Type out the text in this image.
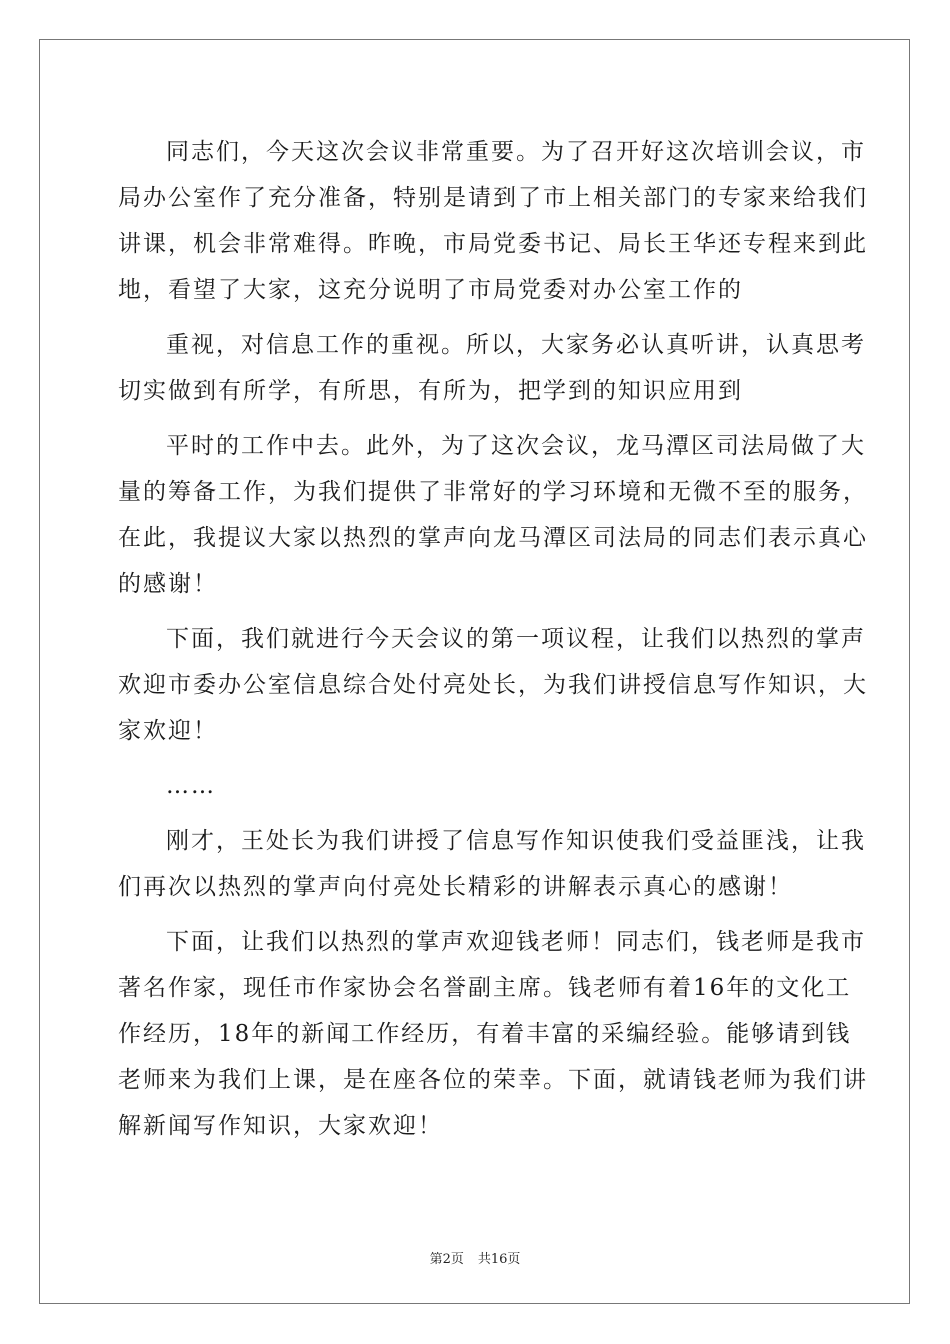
同志们，今天这次会议非常重要。为了召开好这次培训会议，市
局办公室作了充分准备，特别是请到了市上相关部门的专家来给我们
讲课，机会非常难得。昨晚，市局党委书记、局长王华还专程来到此
地，看望了大家，这充分说明了市局党委对办公室工作的
重视，对信息工作的重视。所以，大家务必认真听讲，认真思考
切实做到有所学，有所思，有所为，把学到的知识应用到
平时的工作中去。此外，为了这次会议，龙马潭区司法局做了大
量的筹备工作，为我们提供了非常好的学习环境和无微不至的服务，
在此，我提议大家以热烈的掌声向龙马潭区司法局的同志们表示真心
的感谢！
下面，我们就进行今天会议的第一项议程，让我们以热烈的掌声
欢迎市委办公室信息综合处付亮处长，为我们讲授信息写作知识，大
家欢迎！
……
刚才，王处长为我们讲授了信息写作知识使我们受益匪浅，让我
们再次以热烈的掌声向付亮处长精彩的讲解表示真心的感谢！
下面，让我们以热烈的掌声欢迎钱老师！同志们，钱老师是我市
著名作家，现任市作家协会名誉副主席。钱老师有着16年的文化工
作经历，18年的新闻工作经历，有着丰富的采编经验。能够请到钱
老师来为我们上课，是在座各位的荣幸。下面，就请钱老师为我们讲
解新闻写作知识，大家欢迎！
第2页 共16页
